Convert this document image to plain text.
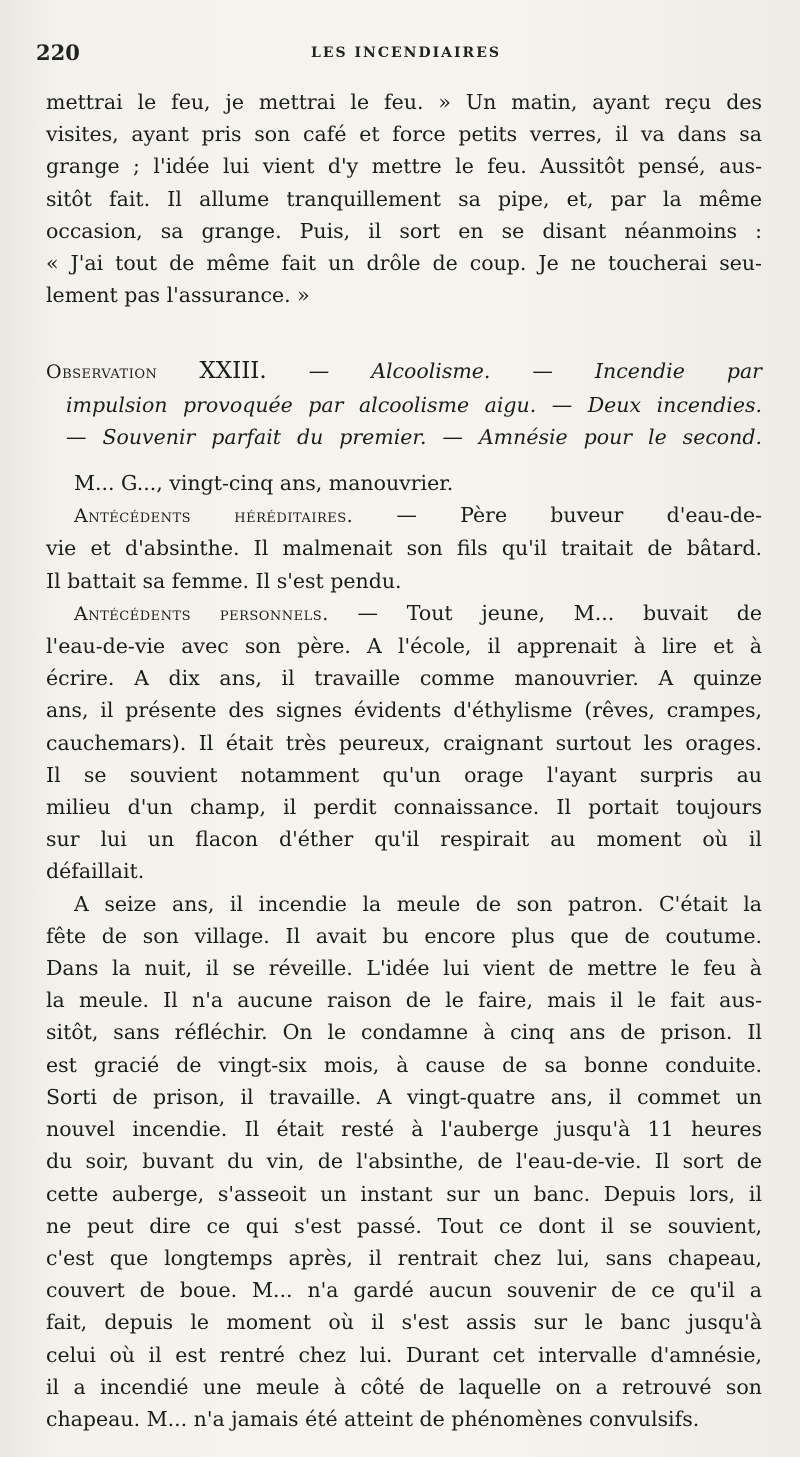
220	LES INCENDIAIRES
mettrai le feu, je mettrai le feu. » Un matin, ayant reçu des
visites, ayant pris son café et force petits verres, il va dans sa
grange ; l'idée lui vient d'y mettre le feu. Aussitôt pensé, aus-
sitôt fait. Il allume tranquillement sa pipe, et, par la même
occasion, sa grange. Puis, il sort en se disant néanmoins :
« J'ai tout de même fait un drôle de coup. Je ne toucherai seu-
lement pas l'assurance. »
Observation XXIII. — Alcoolisme. — Incendie par
impulsion provoquée par alcoolisme aigu. — Deux incendies.
— Souvenir parfait du premier. — Amnésie pour le second.
M... G..., vingt-cinq ans, manouvrier.
Antécédents héréditaires. — Père buveur d'eau-de-
vie et d'absinthe. Il malmenait son fils qu'il traitait de bâtard.
Il battait sa femme. Il s'est pendu.
Antécédents personnels. — Tout jeune, M... buvait de
l'eau-de-vie avec son père. A l'école, il apprenait à lire et à
écrire. A dix ans, il travaille comme manouvrier. A quinze
ans, il présente des signes évidents d'éthylisme (rêves, crampes,
cauchemars). Il était très peureux, craignant surtout les orages.
Il se souvient notamment qu'un orage l'ayant surpris au
milieu d'un champ, il perdit connaissance. Il portait toujours
sur lui un flacon d'éther qu'il respirait au moment où il
défaillait.
A seize ans, il incendie la meule de son patron. C'était la
fête de son village. Il avait bu encore plus que de coutume.
Dans la nuit, il se réveille. L'idée lui vient de mettre le feu à
la meule. Il n'a aucune raison de le faire, mais il le fait aus-
sitôt, sans réfléchir. On le condamne à cinq ans de prison. Il
est gracié de vingt-six mois, à cause de sa bonne conduite.
Sorti de prison, il travaille. A vingt-quatre ans, il commet un
nouvel incendie. Il était resté à l'auberge jusqu'à 11 heures
du soir, buvant du vin, de l'absinthe, de l'eau-de-vie. Il sort de
cette auberge, s'asseoit un instant sur un banc. Depuis lors, il
ne peut dire ce qui s'est passé. Tout ce dont il se souvient,
c'est que longtemps après, il rentrait chez lui, sans chapeau,
couvert de boue. M... n'a gardé aucun souvenir de ce qu'il a
fait, depuis le moment où il s'est assis sur le banc jusqu'à
celui où il est rentré chez lui. Durant cet intervalle d'amnésie,
il a incendié une meule à côté de laquelle on a retrouvé son
chapeau. M... n'a jamais été atteint de phénomènes convulsifs.
